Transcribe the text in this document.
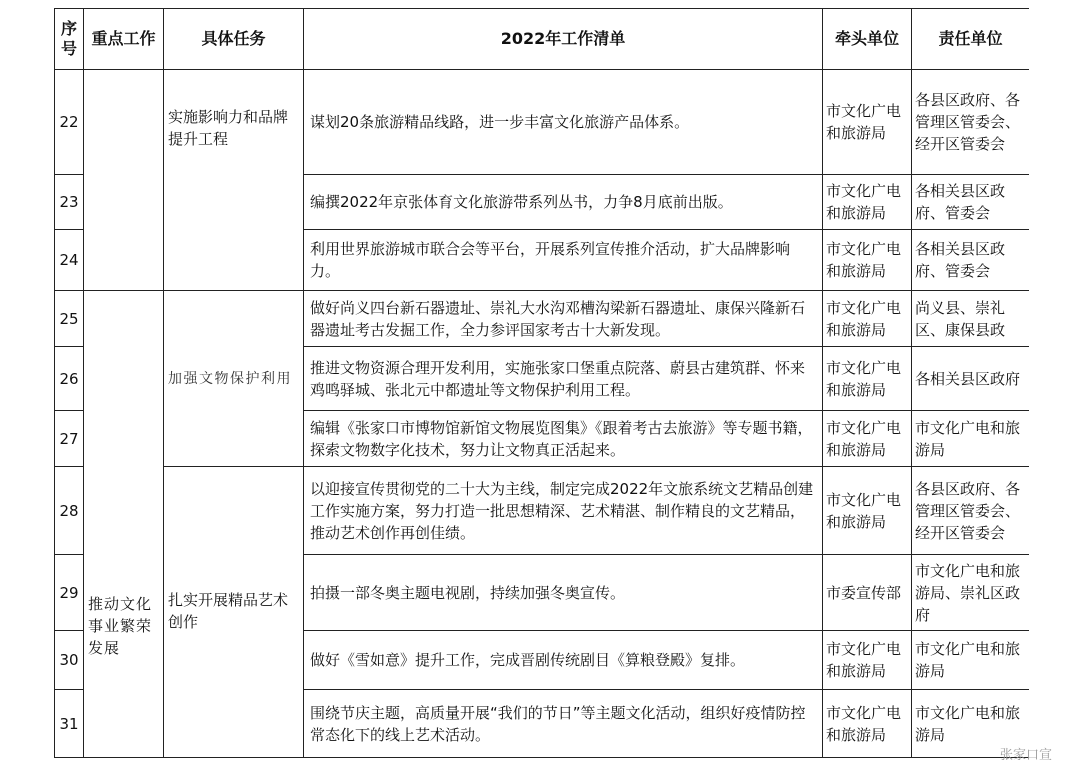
序号	重点工作	具体任务	2022年工作清单	牵头单位	责任单位
22		实施影响力和品牌提升工程	谋划20条旅游精品线路，进一步丰富文化旅游产品体系。	市文化广电和旅游局	各县区政府、各管理区管委会、经开区管委会
23			编撰2022年京张体育文化旅游带系列丛书，力争8月底前出版。	市文化广电和旅游局	各相关县区政府、管委会
24			利用世界旅游城市联合会等平台，开展系列宣传推介活动，扩大品牌影响力。	市文化广电和旅游局	各相关县区政府、管委会
25	推动文化事业繁荣发展	加强文物保护利用	做好尚义四台新石器遗址、崇礼大水沟邓槽沟梁新石器遗址、康保兴隆新石器遗址考古发掘工作，全力参评国家考古十大新发现。	市文化广电和旅游局	尚义县、崇礼区、康保县政
26			推进文物资源合理开发利用，实施张家口堡重点院落、蔚县古建筑群、怀来鸡鸣驿城、张北元中都遗址等文物保护利用工程。	市文化广电和旅游局	各相关县区政府
27			编辑《张家口市博物馆新馆文物展览图集》《跟着考古去旅游》等专题书籍，探索文物数字化技术，努力让文物真正活起来。	市文化广电和旅游局	市文化广电和旅游局
28		扎实开展精品艺术创作	以迎接宣传贯彻党的二十大为主线，制定完成2022年文旅系统文艺精品创建工作实施方案，努力打造一批思想精深、艺术精湛、制作精良的文艺精品，推动艺术创作再创佳绩。	市文化广电和旅游局	各县区政府、各管理区管委会、经开区管委会
29			拍摄一部冬奥主题电视剧，持续加强冬奥宣传。	市委宣传部	市文化广电和旅游局、崇礼区政府
30			做好《雪如意》提升工作，完成晋剧传统剧目《算粮登殿》复排。	市文化广电和旅游局	市文化广电和旅游局
31			围绕节庆主题，高质量开展“我们的节日”等主题文化活动，组织好疫情防控常态化下的线上艺术活动。	市文化广电和旅游局	市文化广电和旅游局
张家口宣
